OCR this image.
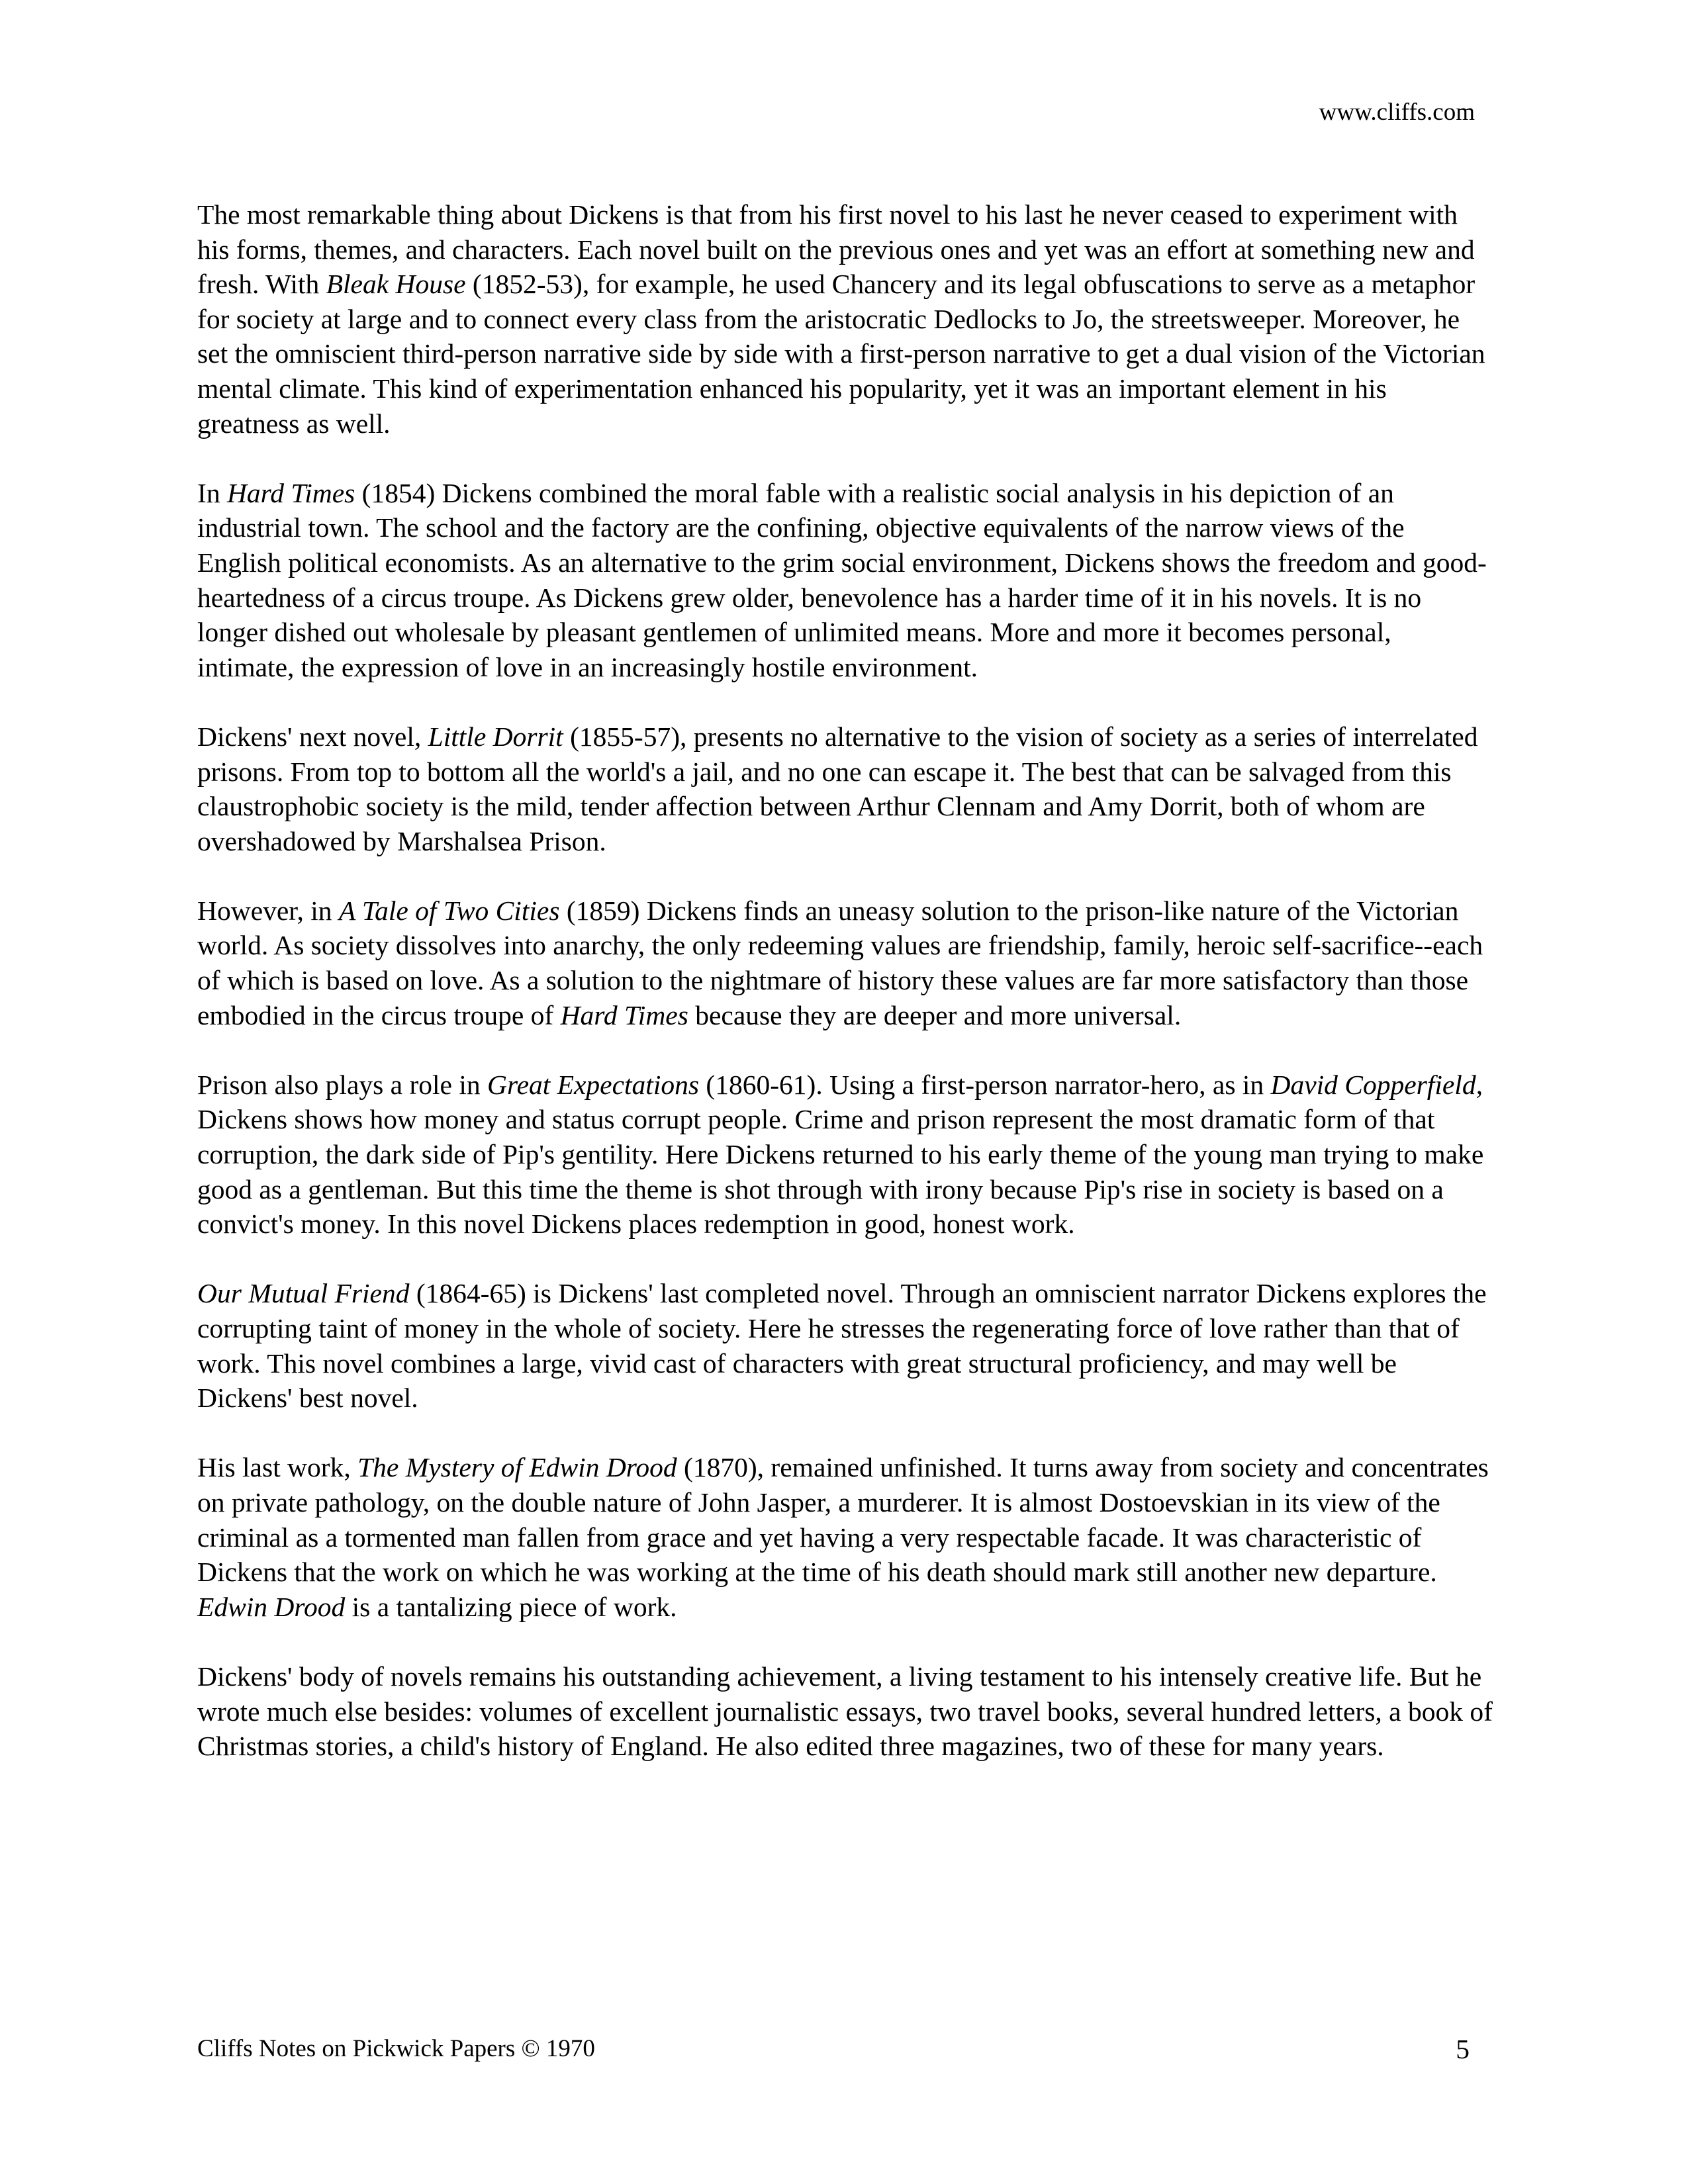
www.cliffs.com

The most remarkable thing about Dickens is that from his first novel to his last he never ceased to experiment with his forms, themes, and characters. Each novel built on the previous ones and yet was an effort at something new and fresh. With Bleak House (1852-53), for example, he used Chancery and its legal obfuscations to serve as a metaphor for society at large and to connect every class from the aristocratic Dedlocks to Jo, the streetsweeper. Moreover, he set the omniscient third-person narrative side by side with a first-person narrative to get a dual vision of the Victorian mental climate. This kind of experimentation enhanced his popularity, yet it was an important element in his greatness as well.

In Hard Times (1854) Dickens combined the moral fable with a realistic social analysis in his depiction of an industrial town. The school and the factory are the confining, objective equivalents of the narrow views of the English political economists. As an alternative to the grim social environment, Dickens shows the freedom and good-heartedness of a circus troupe. As Dickens grew older, benevolence has a harder time of it in his novels. It is no longer dished out wholesale by pleasant gentlemen of unlimited means. More and more it becomes personal, intimate, the expression of love in an increasingly hostile environment.

Dickens' next novel, Little Dorrit (1855-57), presents no alternative to the vision of society as a series of interrelated prisons. From top to bottom all the world's a jail, and no one can escape it. The best that can be salvaged from this claustrophobic society is the mild, tender affection between Arthur Clennam and Amy Dorrit, both of whom are overshadowed by Marshalsea Prison.

However, in A Tale of Two Cities (1859) Dickens finds an uneasy solution to the prison-like nature of the Victorian world. As society dissolves into anarchy, the only redeeming values are friendship, family, heroic self-sacrifice--each of which is based on love. As a solution to the nightmare of history these values are far more satisfactory than those embodied in the circus troupe of Hard Times because they are deeper and more universal.

Prison also plays a role in Great Expectations (1860-61). Using a first-person narrator-hero, as in David Copperfield, Dickens shows how money and status corrupt people. Crime and prison represent the most dramatic form of that corruption, the dark side of Pip's gentility. Here Dickens returned to his early theme of the young man trying to make good as a gentleman. But this time the theme is shot through with irony because Pip's rise in society is based on a convict's money. In this novel Dickens places redemption in good, honest work.

Our Mutual Friend (1864-65) is Dickens' last completed novel. Through an omniscient narrator Dickens explores the corrupting taint of money in the whole of society. Here he stresses the regenerating force of love rather than that of work. This novel combines a large, vivid cast of characters with great structural proficiency, and may well be Dickens' best novel.

His last work, The Mystery of Edwin Drood (1870), remained unfinished. It turns away from society and concentrates on private pathology, on the double nature of John Jasper, a murderer. It is almost Dostoevskian in its view of the criminal as a tormented man fallen from grace and yet having a very respectable facade. It was characteristic of Dickens that the work on which he was working at the time of his death should mark still another new departure. Edwin Drood is a tantalizing piece of work.

Dickens' body of novels remains his outstanding achievement, a living testament to his intensely creative life. But he wrote much else besides: volumes of excellent journalistic essays, two travel books, several hundred letters, a book of Christmas stories, a child's history of England. He also edited three magazines, two of these for many years.

Cliffs Notes on Pickwick Papers © 1970	5
